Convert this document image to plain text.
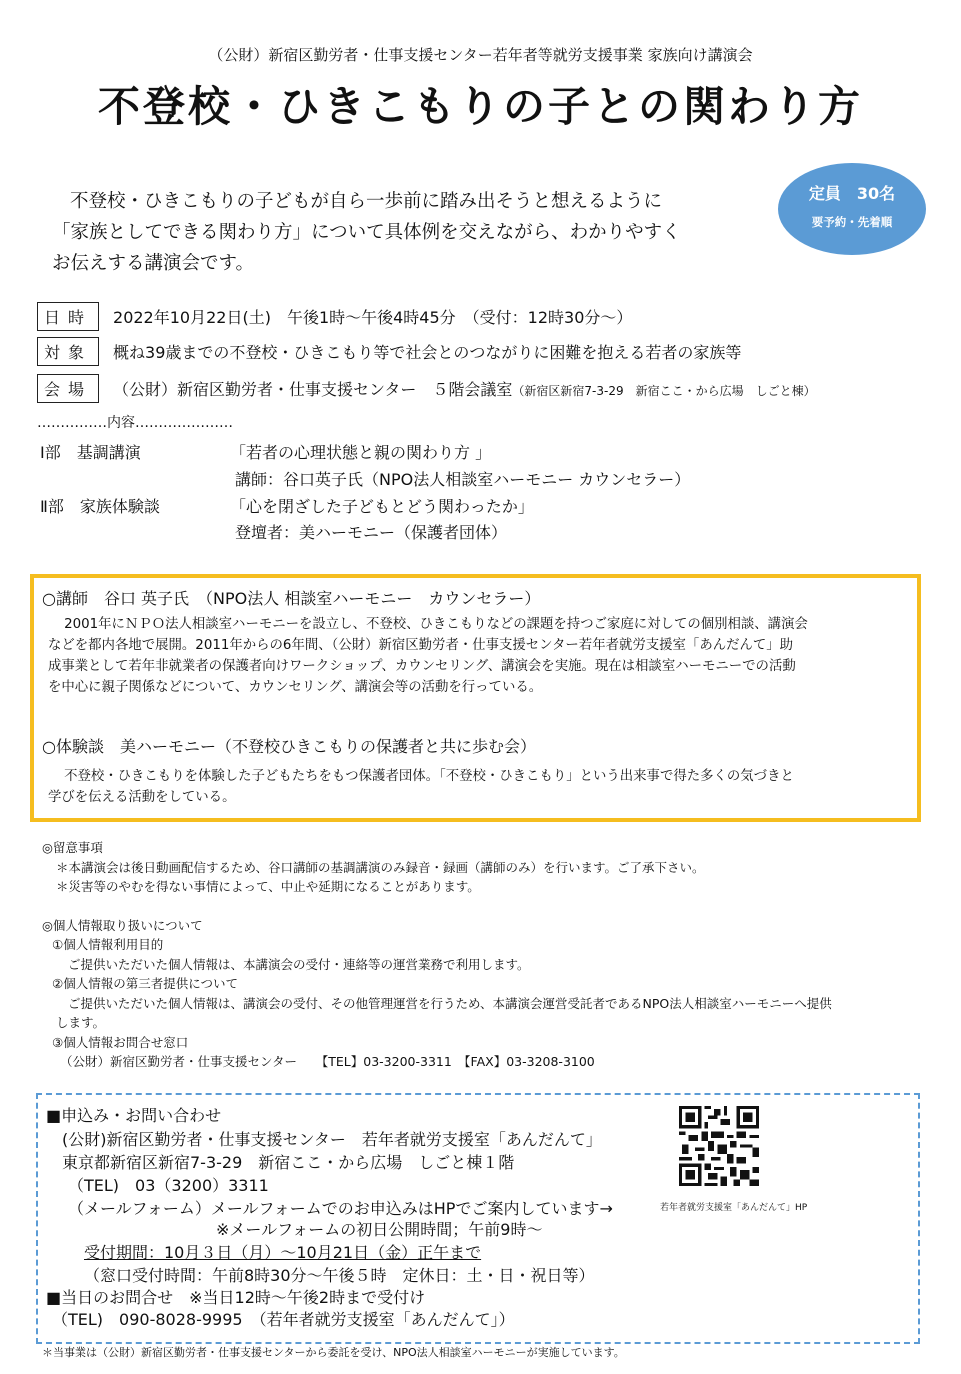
（公財）新宿区勤労者・仕事支援センター若年者等就労支援事業 家族向け講演会
不登校・ひきこもりの子との関わり方

不登校・ひきこもりの子どもが自ら一歩前に踏み出そうと想えるように

「家族としてできる関わり方」について具体例を交えながら、わかりやすく

お伝えする講演会です。

定員　30名
要予約・先着順
日時 2022年10月22日(土)　午後1時～午後4時45分　（受付：12時30分～）
対象 概ね39歳までの不登校・ひきこもり等で社会とのつながりに困難を抱える若者の家族等
会場 （公財）新宿区勤労者・仕事支援センター　５階会議室（新宿区新宿7-3-29　新宿ここ・から広場　しごと棟）
……………内容…………………
Ⅰ部　基調講演	「若者の心理状態と親の関わり方 」
講師：谷口英子氏（NPO法人相談室ハーモニー カウンセラー）
Ⅱ部　家族体験談	「心を閉ざした子どもとどう関わったか」
登壇者：美ハーモニー（保護者団体）
○講師　谷口 英子氏　（NPO法人 相談室ハーモニー　カウンセラー）
2001年にＮＰＯ法人相談室ハーモニーを設立し、不登校、ひきこもりなどの課題を持つご家庭に対しての個別相談、講演会
などを都内各地で展開。2011年からの6年間、（公財）新宿区勤労者・仕事支援センター若年者就労支援室「あんだんて」助
成事業として若年非就業者の保護者向けワークショップ、カウンセリング、講演会を実施。現在は相談室ハーモニーでの活動
を中心に親子関係などについて、カウンセリング、講演会等の活動を行っている。
○体験談　美ハーモニー（不登校ひきこもりの保護者と共に歩む会）
不登校・ひきこもりを体験した子どもたちをもつ保護者団体。「不登校・ひきこもり」という出来事で得た多くの気づきと
学びを伝える活動をしている。
◎留意事項
＊本講演会は後日動画配信するため、谷口講師の基調講演のみ録音・録画（講師のみ）を行います。ご了承下さい。
＊災害等のやむを得ない事情によって、中止や延期になることがあります。
◎個人情報取り扱いについて
①個人情報利用目的
ご提供いただいた個人情報は、本講演会の受付・連絡等の運営業務で利用します。
②個人情報の第三者提供について
ご提供いただいた個人情報は、講演会の受付、その他管理運営を行うため、本講演会運営受託者であるNPO法人相談室ハーモニーへ提供
します。
③個人情報お問合せ窓口
（公財）新宿区勤労者・仕事支援センター　　【TEL】03-3200-3311　【FAX】03-3208-3100
■申込み・お問い合わせ
(公財)新宿区勤労者・仕事支援センター　若年者就労支援室「あんだんて」
東京都新宿区新宿7-3-29　新宿ここ・から広場　しごと棟１階
（TEL)　03（3200）3311
（メールフォーム）メールフォームでのお申込みはHPでご案内しています→
※メールフォームの初日公開時間；午前9時～
受付期間：10月３日（月）～10月21日（金）正午まで
（窓口受付時間：午前8時30分～午後５時　定休日：土・日・祝日等）
■当日のお問合せ　※当日12時～午後2時まで受付け
（TEL)　090-8028-9995　（若年者就労支援室「あんだんて」）
若年者就労支援室「あんだんて」HP
＊当事業は（公財）新宿区勤労者・仕事支援センターから委託を受け、NPO法人相談室ハーモニーが実施しています。
